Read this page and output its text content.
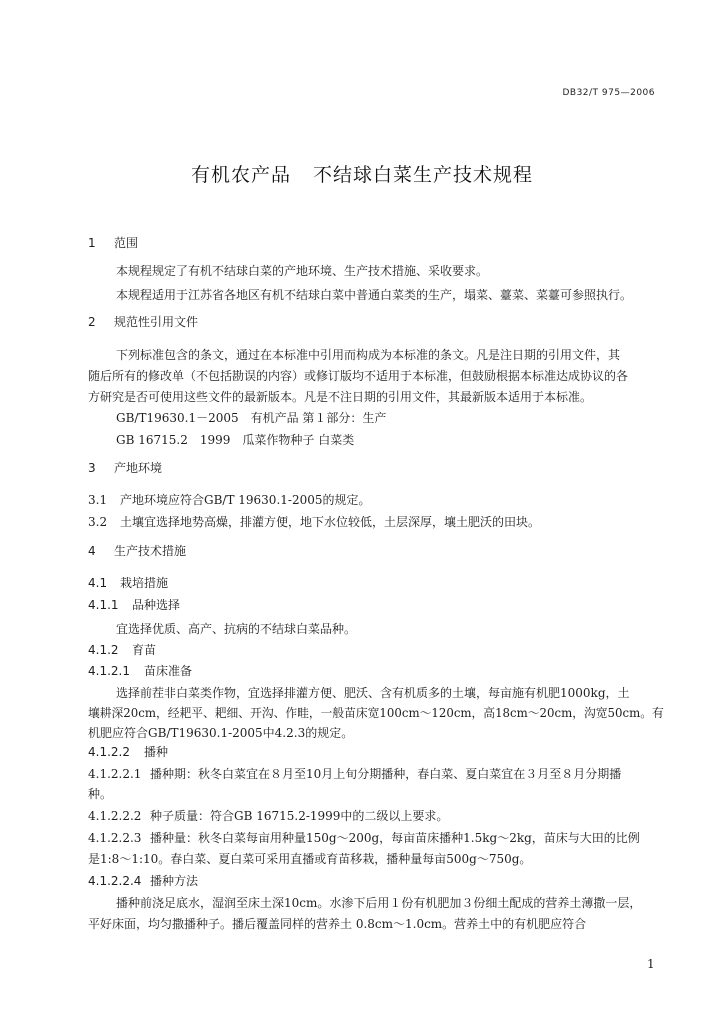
DB32/T 975—2006
有机农产品 不结球白菜生产技术规程
1 范围
本规程规定了有机不结球白菜的产地环境、生产技术措施、采收要求。
本规程适用于江苏省各地区有机不结球白菜中普通白菜类的生产，塌菜、薹菜、菜薹可参照执行。
2 规范性引用文件
下列标准包含的条文，通过在本标准中引用而构成为本标准的条文。凡是注日期的引用文件，其
随后所有的修改单（不包括勘误的内容）或修订版均不适用于本标准，但鼓励根据本标准达成协议的各
方研究是否可使用这些文件的最新版本。凡是不注日期的引用文件，其最新版本适用于本标准。
GB/T19630.1－2005　有机产品 第１部分：生产
GB 16715.2　1999　瓜菜作物种子 白菜类
3 产地环境
3.1 产地环境应符合GB/T 19630.1-2005的规定。
3.2 土壤宜选择地势高燥，排灌方便，地下水位较低，土层深厚，壤土肥沃的田块。
4 生产技术措施
4.1 栽培措施
4.1.1 品种选择
宜选择优质、高产、抗病的不结球白菜品种。
4.1.2 育苗
4.1.2.1 苗床准备
选择前茬非白菜类作物，宜选择排灌方便、肥沃、含有机质多的土壤，每亩施有机肥1000kg，土
壤耕深20cm，经耙平、耙细、开沟、作畦，一般苗床宽100cm～120cm，高18cm～20cm，沟宽50cm。有
机肥应符合GB/T19630.1-2005中4.2.3的规定。
4.1.2.2 播种
4.1.2.2.1 播种期：秋冬白菜宜在８月至10月上旬分期播种，春白菜、夏白菜宜在３月至８月分期播
种。
4.1.2.2.2 种子质量：符合GB 16715.2-1999中的二级以上要求。
4.1.2.2.3 播种量：秋冬白菜每亩用种量150g～200g，每亩苗床播种1.5kg～2kg，苗床与大田的比例
是1:8～1:10。春白菜、夏白菜可采用直播或育苗移栽，播种量每亩500g～750g。
4.1.2.2.4 播种方法
播种前浇足底水，湿润至床土深10cm。水渗下后用１份有机肥加３份细土配成的营养土薄撒一层，
平好床面，均匀撒播种子。播后覆盖同样的营养土 0.8cm～1.0cm。营养土中的有机肥应符合
1
